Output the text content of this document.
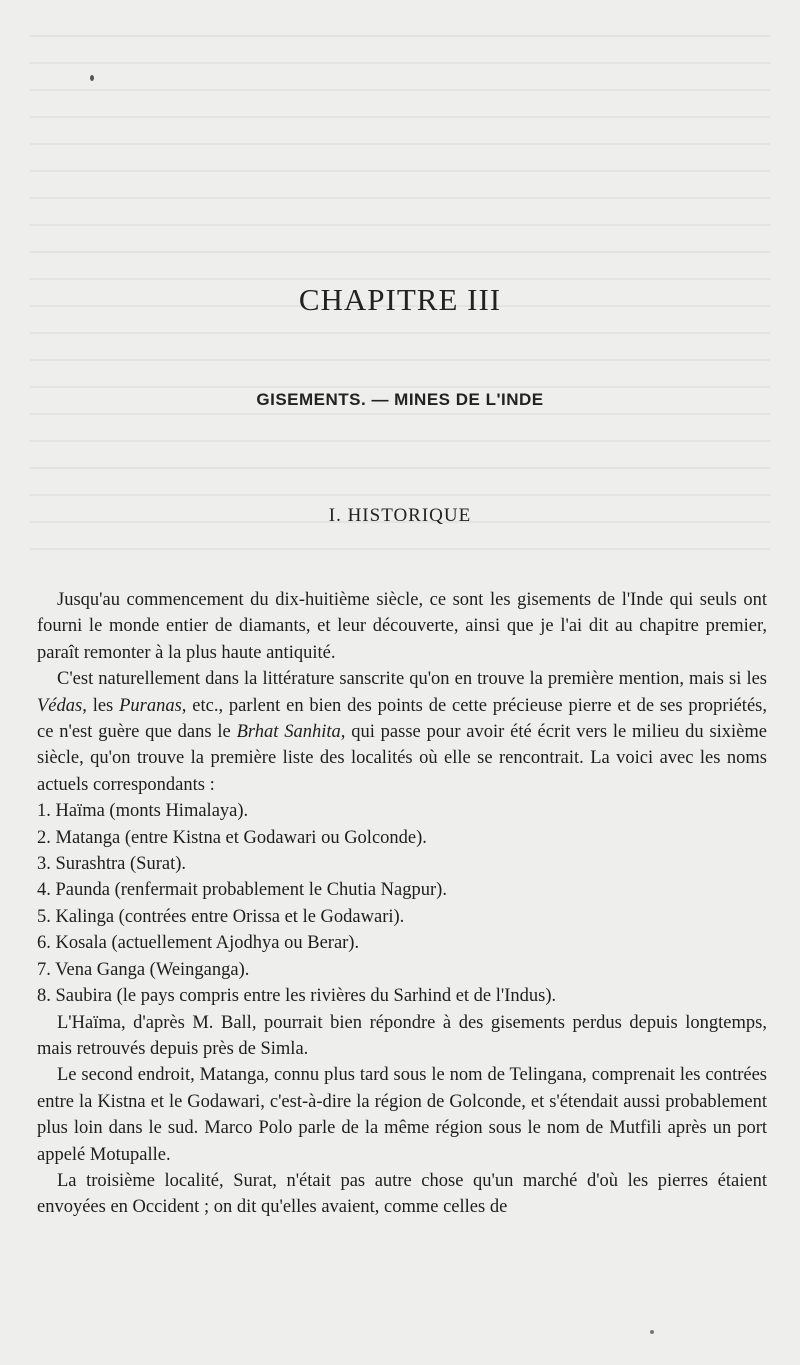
CHAPITRE III
GISEMENTS. — MINES DE L'INDE
I. HISTORIQUE

Jusqu'au commencement du dix-huitième siècle, ce sont les gisements de l'Inde qui seuls ont fourni le monde entier de diamants, et leur découverte, ainsi que je l'ai dit au chapitre premier, paraît remonter à la plus haute antiquité.

C'est naturellement dans la littérature sanscrite qu'on en trouve la première mention, mais si les Védas, les Puranas, etc., parlent en bien des points de cette précieuse pierre et de ses propriétés, ce n'est guère que dans le Brhat Sanhita, qui passe pour avoir été écrit vers le milieu du sixième siècle, qu'on trouve la première liste des localités où elle se rencontrait. La voici avec les noms actuels correspondants :

1. Haïma (monts Himalaya).
2. Matanga (entre Kistna et Godawari ou Golconde).
3. Surashtra (Surat).
4. Paunda (renfermait probablement le Chutia Nagpur).
5. Kalinga (contrées entre Orissa et le Godawari).
6. Kosala (actuellement Ajodhya ou Berar).
7. Vena Ganga (Weinganga).
8. Saubira (le pays compris entre les rivières du Sarhind et de l'Indus).

L'Haïma, d'après M. Ball, pourrait bien répondre à des gisements perdus depuis longtemps, mais retrouvés depuis près de Simla.

Le second endroit, Matanga, connu plus tard sous le nom de Telingana, comprenait les contrées entre la Kistna et le Godawari, c'est-à-dire la région de Golconde, et s'étendait aussi probablement plus loin dans le sud. Marco Polo parle de la même région sous le nom de Mutfili après un port appelé Motupalle.

La troisième localité, Surat, n'était pas autre chose qu'un marché d'où les pierres étaient envoyées en Occident ; on dit qu'elles avaient, comme celles de
